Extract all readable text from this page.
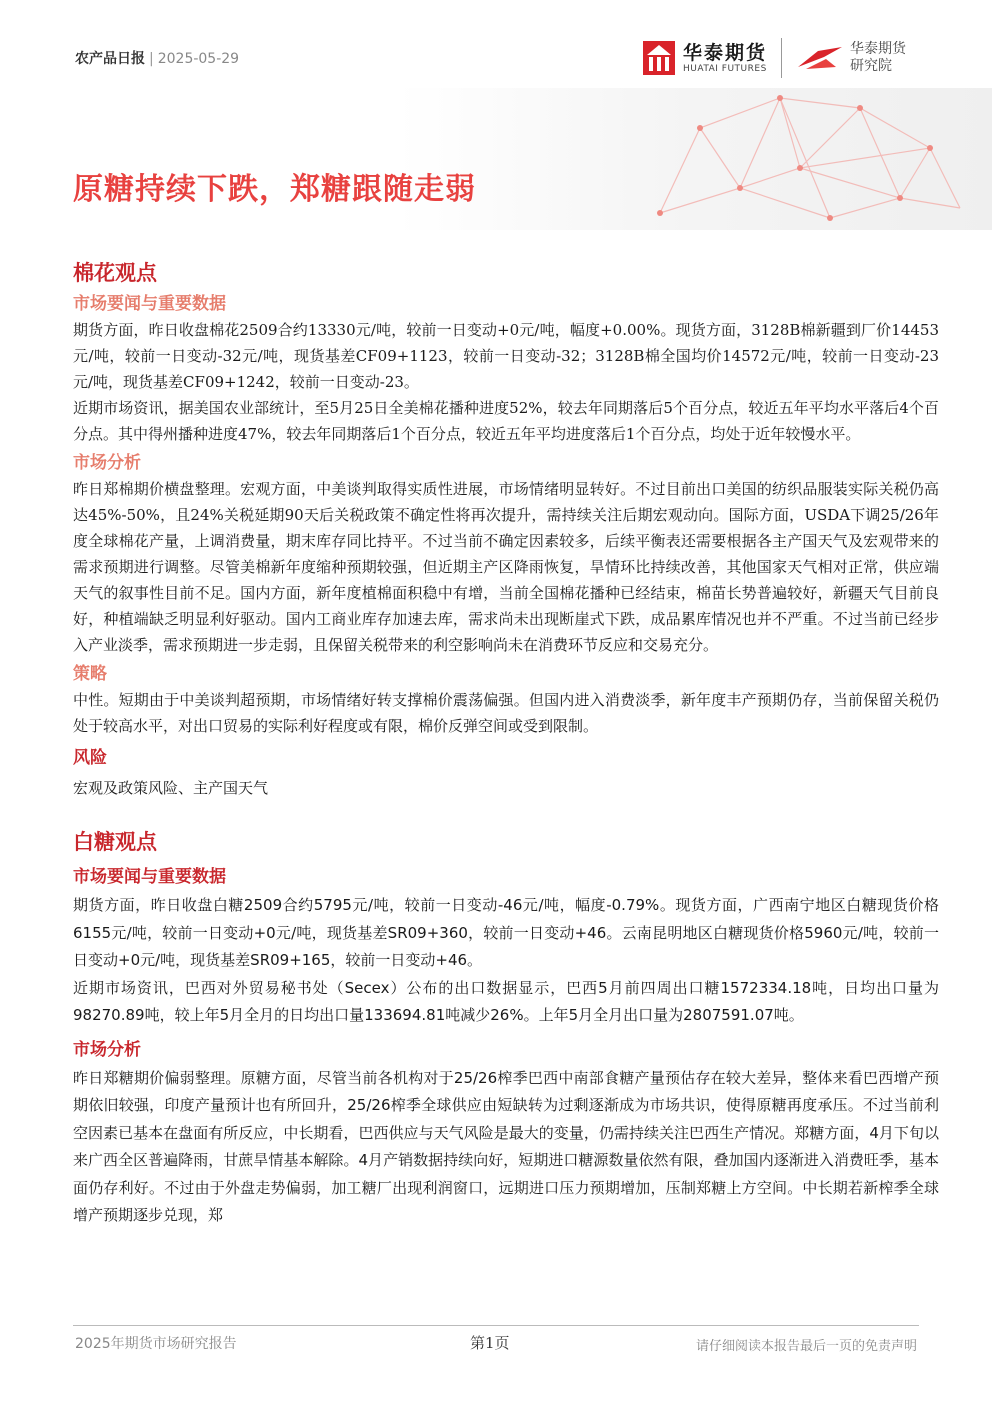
农产品日报 | 2025-05-29	华泰期货
HUATAI FUTURES
华泰期货
研究院
原糖持续下跌，郑糖跟随走弱
棉花观点
市场要闻与重要数据

期货方面，昨日收盘棉花2509合约13330元/吨，较前一日变动+0元/吨，幅度+0.00%。现货方面，3128B棉新疆到厂价14453元/吨，较前一日变动-32元/吨，现货基差CF09+1123，较前一日变动-32；3128B棉全国均价14572元/吨，较前一日变动-23元/吨，现货基差CF09+1242，较前一日变动-23。

近期市场资讯，据美国农业部统计，至5月25日全美棉花播种进度52%，较去年同期落后5个百分点，较近五年平均水平落后4个百分点。其中得州播种进度47%，较去年同期落后1个百分点，较近五年平均进度落后1个百分点，均处于近年较慢水平。

市场分析

昨日郑棉期价横盘整理。宏观方面，中美谈判取得实质性进展，市场情绪明显转好。不过目前出口美国的纺织品服装实际关税仍高达45%-50%，且24%关税延期90天后关税政策不确定性将再次提升，需持续关注后期宏观动向。国际方面，USDA下调25/26年度全球棉花产量，上调消费量，期末库存同比持平。不过当前不确定因素较多，后续平衡表还需要根据各主产国天气及宏观带来的需求预期进行调整。尽管美棉新年度缩种预期较强，但近期主产区降雨恢复，旱情环比持续改善，其他国家天气相对正常，供应端天气的叙事性目前不足。国内方面，新年度植棉面积稳中有增，当前全国棉花播种已经结束，棉苗长势普遍较好，新疆天气目前良好，种植端缺乏明显利好驱动。国内工商业库存加速去库，需求尚未出现断崖式下跌，成品累库情况也并不严重。不过当前已经步入产业淡季，需求预期进一步走弱，且保留关税带来的利空影响尚未在消费环节反应和交易充分。

策略

中性。短期由于中美谈判超预期，市场情绪好转支撑棉价震荡偏强。但国内进入消费淡季，新年度丰产预期仍存，当前保留关税仍处于较高水平，对出口贸易的实际利好程度或有限，棉价反弹空间或受到限制。

风险

宏观及政策风险、主产国天气

白糖观点
市场要闻与重要数据

期货方面，昨日收盘白糖2509合约5795元/吨，较前一日变动-46元/吨，幅度-0.79%。现货方面，广西南宁地区白糖现货价格6155元/吨，较前一日变动+0元/吨，现货基差SR09+360，较前一日变动+46。云南昆明地区白糖现货价格5960元/吨，较前一日变动+0元/吨，现货基差SR09+165，较前一日变动+46。

近期市场资讯，巴西对外贸易秘书处（Secex）公布的出口数据显示，巴西5月前四周出口糖1572334.18吨，日均出口量为98270.89吨，较上年5月全月的日均出口量133694.81吨减少26%。上年5月全月出口量为2807591.07吨。

市场分析

昨日郑糖期价偏弱整理。原糖方面，尽管当前各机构对于25/26榨季巴西中南部食糖产量预估存在较大差异，整体来看巴西增产预期依旧较强，印度产量预计也有所回升，25/26榨季全球供应由短缺转为过剩逐渐成为市场共识，使得原糖再度承压。不过当前利空因素已基本在盘面有所反应，中长期看，巴西供应与天气风险是最大的变量，仍需持续关注巴西生产情况。郑糖方面，4月下旬以来广西全区普遍降雨，甘蔗旱情基本解除。4月产销数据持续向好，短期进口糖源数量依然有限，叠加国内逐渐进入消费旺季，基本面仍存利好。不过由于外盘走势偏弱，加工糖厂出现利润窗口，远期进口压力预期增加，压制郑糖上方空间。中长期若新榨季全球增产预期逐步兑现，郑

2025年期货市场研究报告	第1页	请仔细阅读本报告最后一页的免责声明
